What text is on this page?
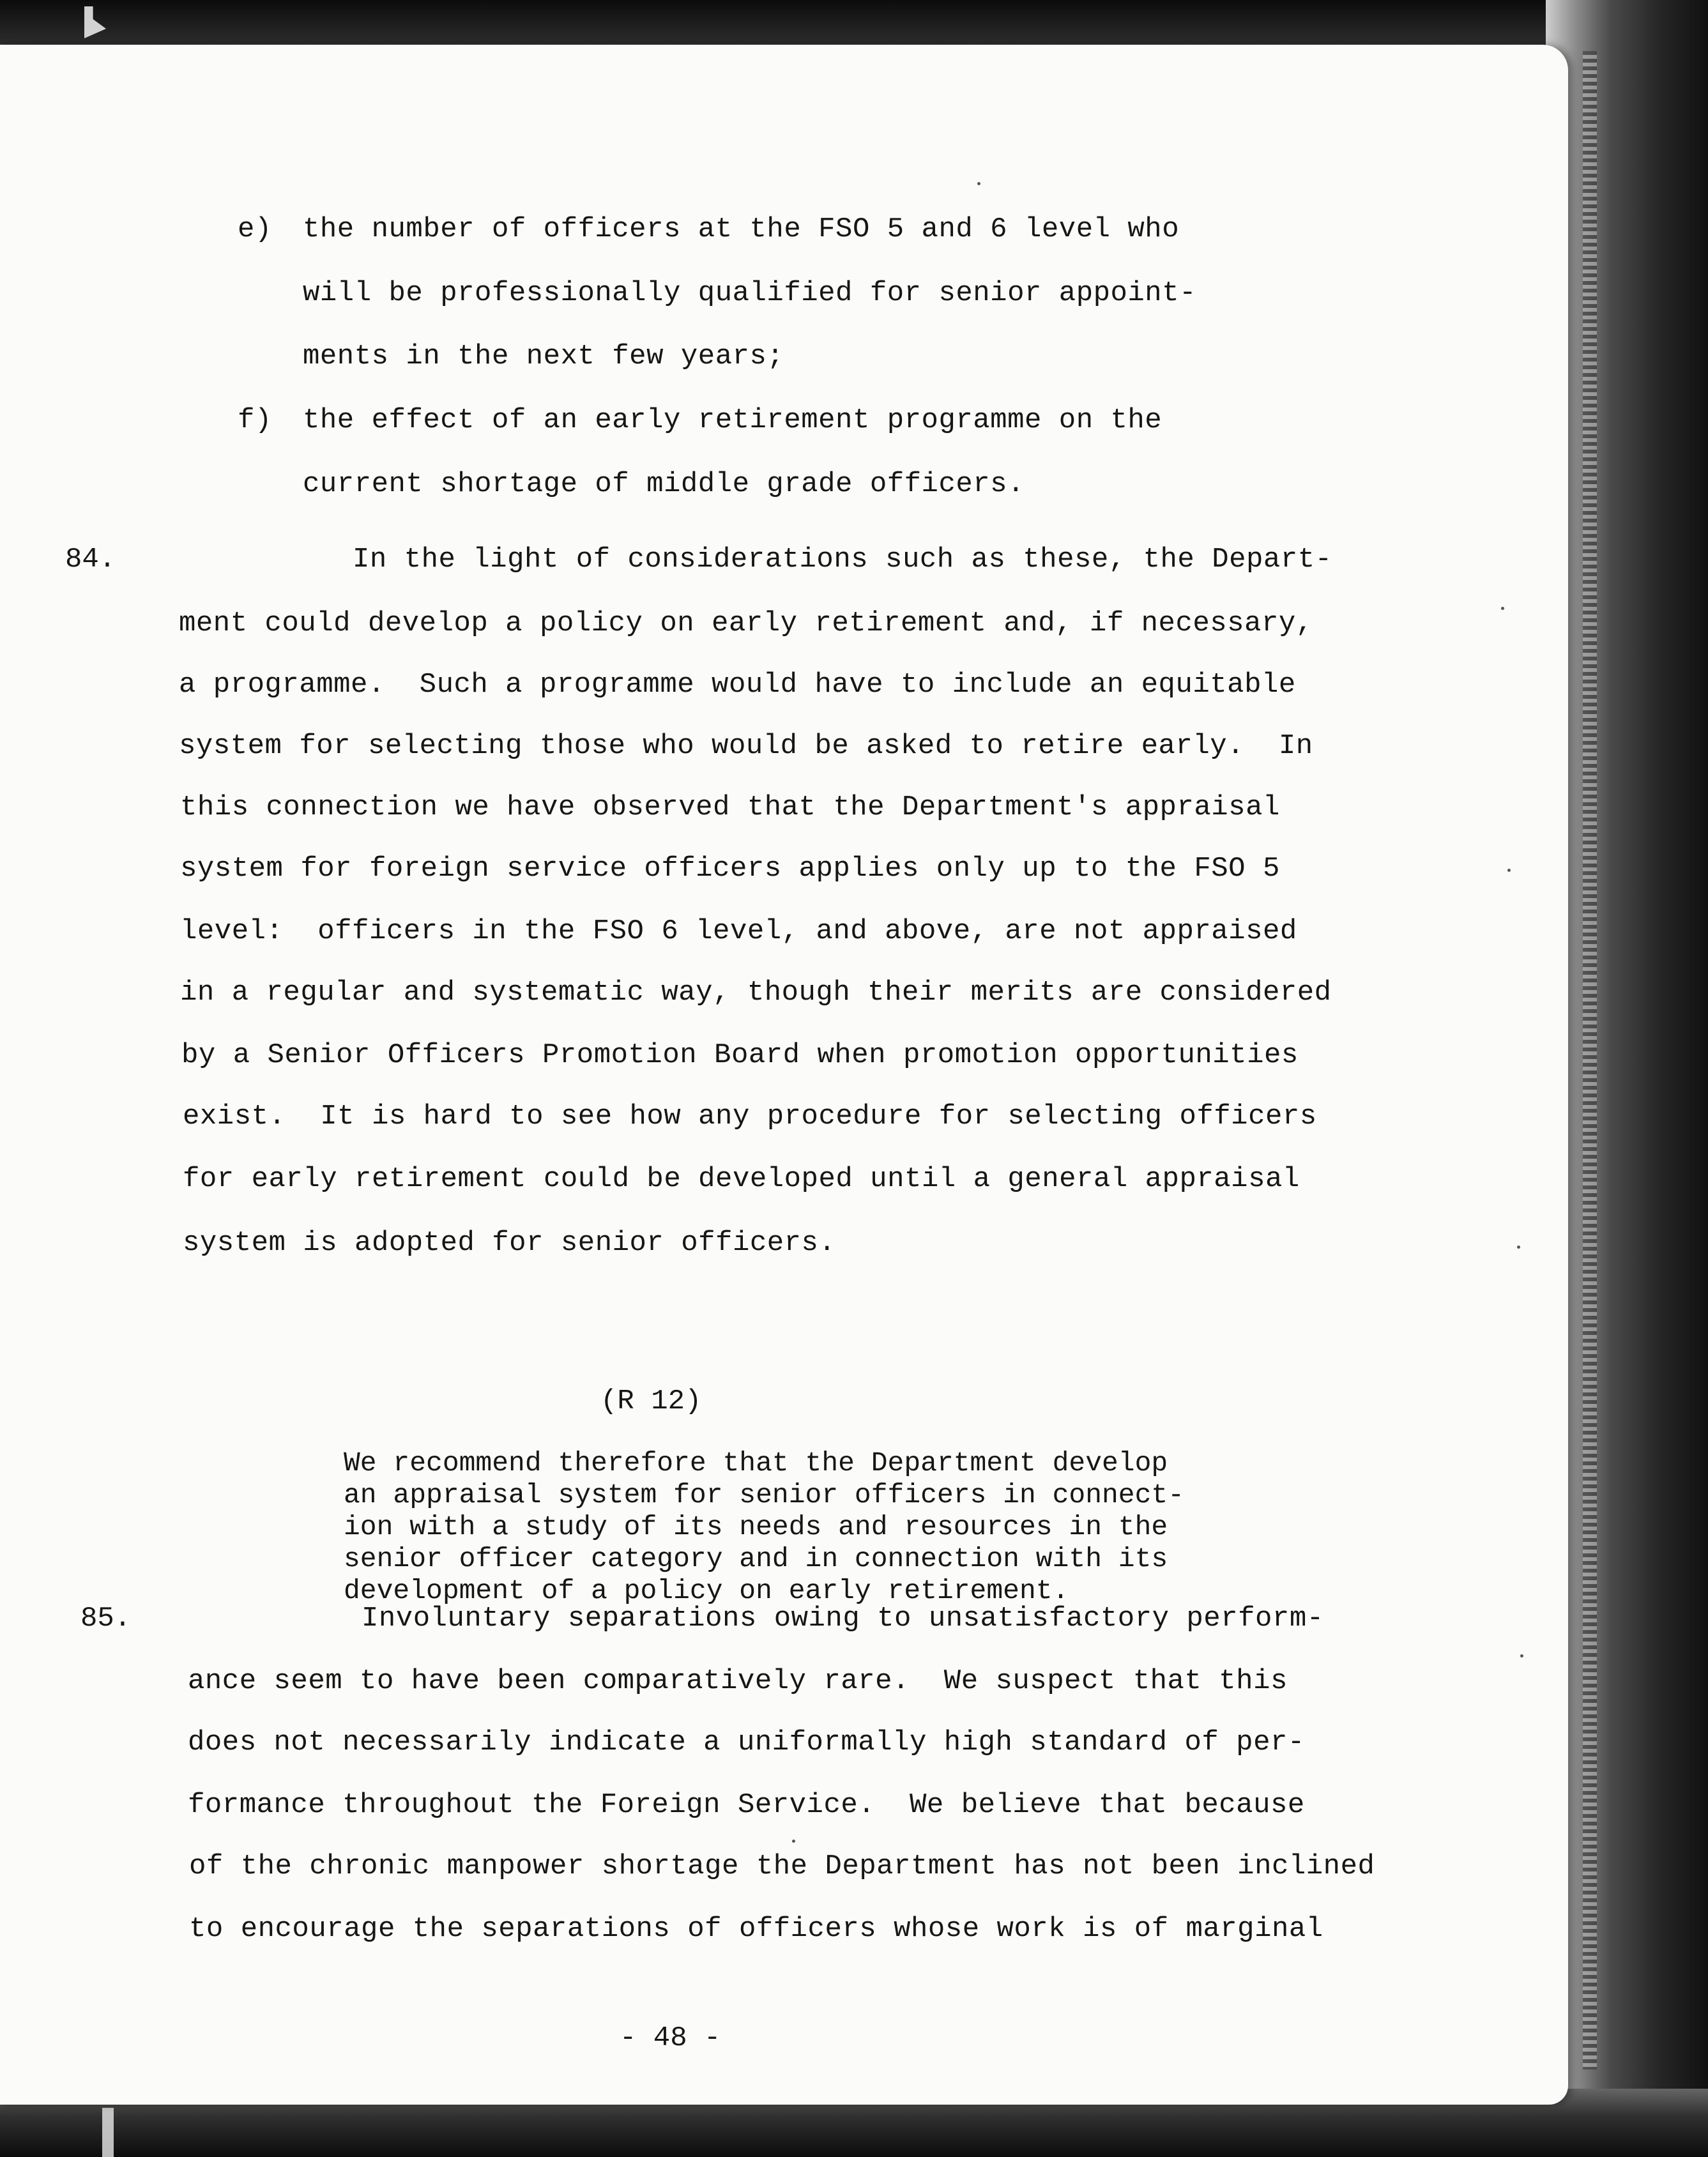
e) the number of officers at the FSO 5 and 6 level who
will be professionally qualified for senior appoint-
ments in the next few years;
f) the effect of an early retirement programme on the
current shortage of middle grade officers.
84.	In the light of considerations such as these, the Depart-
ment could develop a policy on early retirement and, if necessary,
a programme.  Such a programme would have to include an equitable
system for selecting those who would be asked to retire early.  In
this connection we have observed that the Department's appraisal
system for foreign service officers applies only up to the FSO 5
level:  officers in the FSO 6 level, and above, are not appraised
in a regular and systematic way, though their merits are considered
by a Senior Officers Promotion Board when promotion opportunities
exist.  It is hard to see how any procedure for selecting officers
for early retirement could be developed until a general appraisal
system is adopted for senior officers.
(R 12)
We recommend therefore that the Department develop
an appraisal system for senior officers in connect-
ion with a study of its needs and resources in the
senior officer category and in connection with its
development of a policy on early retirement.
85.	Involuntary separations owing to unsatisfactory perform-
ance seem to have been comparatively rare.  We suspect that this
does not necessarily indicate a uniformally high standard of per-
formance throughout the Foreign Service.  We believe that because
of the chronic manpower shortage the Department has not been inclined
to encourage the separations of officers whose work is of marginal
- 48 -
